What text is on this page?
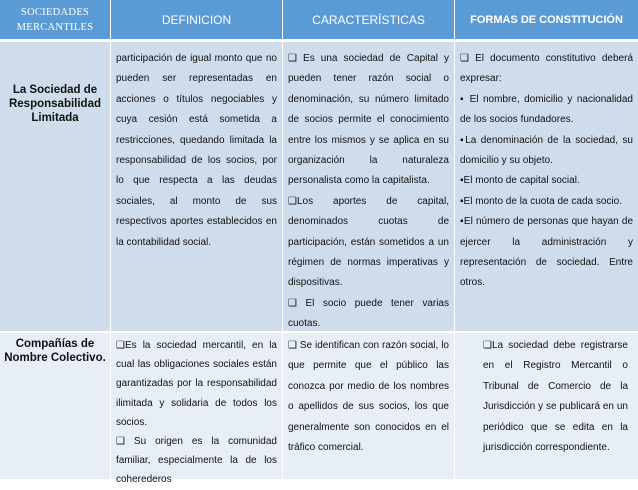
SOCIEDADES MERCANTILES
DEFINICION	CARACTERÍSTICAS	FORMAS DE CONSTITUCIÓN
La Sociedad de Responsabilidad Limitada
participación de igual monto que no pueden ser representadas en acciones o títulos negociables y cuya cesión está sometida a restricciones, quedando limitada la responsabilidad de los socios, por lo que respecta a las deudas sociales, al monto de sus respectivos aportes establecidos en la contabilidad social.
❑ Es una sociedad de Capital y pueden tener razón social o denominación, su número limitado de socios permite el conocimiento entre los mismos y se aplica en su organización la naturaleza personalista como la capitalista.
❑Los aportes de capital, denominados cuotas de participación, están sometidos a un régimen de normas imperativas y dispositivas.
❑ El socio puede tener varias cuotas.
❑ El documento constitutivo deberá expresar:
▪ El nombre, domicilio y nacionalidad de los socios fundadores.
▪La denominación de la sociedad, su domicilio y su objeto.
▪El monto de capital social.
▪El monto de la cuota de cada socio.
▪El número de personas que hayan de ejercer la administración y representación de sociedad. Entre otros.
Compañías de Nombre Colectivo.
❑Es la sociedad mercantil, en la cual las obligaciones sociales están garantizadas por la responsabilidad ilimitada y solidaria de todos los socios.
❑ Su origen es la comunidad familiar, especialmente la de los coherederos
❑ Se identifican con razón social, lo que permite que el público las conozca por medio de los nombres o apellidos de sus socios, los que generalmente son conocidos en el tráfico comercial.
❑La sociedad debe registrarse en el Registro Mercantil o Tribunal de Comercio de la Jurisdicción y se publicará en un periódico que se edita en la jurisdicción correspondiente.
